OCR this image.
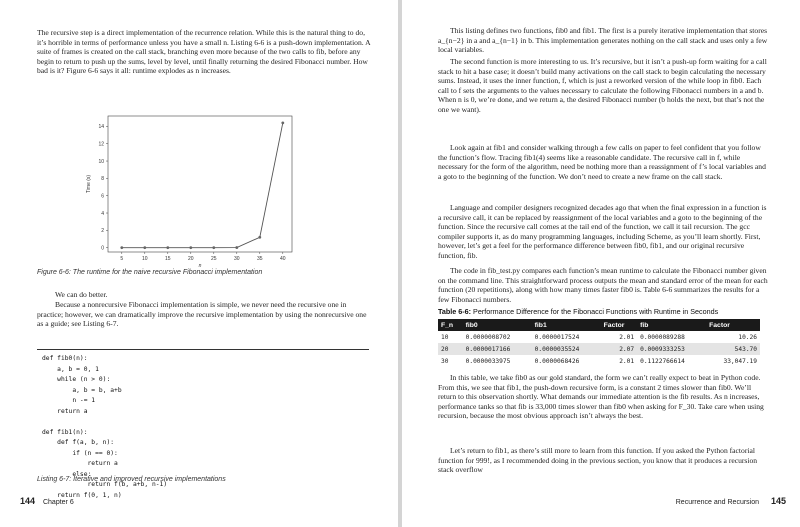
The recursive step is a direct implementation of the recurrence relation. While this is the natural thing to do, it’s horrible in terms of performance unless you have a small n. Listing 6-6 is a push-down implementation. A suite of frames is created on the call stack, branching even more because of the two calls to fib, before any begin to return to push up the sums, level by level, until finally returning the desired Fibonacci number. How bad is it? Figure 6-6 says it all: runtime explodes as n increases.

5	10	15	20	25	30	35	40
0
2
4
6
8
10
12
14
n
Time (s)
Figure 6-6: The runtime for the naive recursive Fibonacci implementation

We can do better.

Because a nonrecursive Fibonacci implementation is simple, we never need the recursive one in practice; however, we can dramatically improve the recursive implementation by using the nonrecursive one as a guide; see Listing 6-7.

def fib0(n):
a, b = 0, 1
while (n > 0):
a, b = b, a+b
n -= 1
return a

def fib1(n):
def f(a, b, n):
if (n == 0):
return a
else:
return f(b, a+b, n-1)
return f(0, 1, n)
Listing 6-7: Iterative and improved recursive implementations
144 Chapter 6

This listing defines two functions, fib0 and fib1. The first is a purely iterative implementation that stores a_{n−2} in a and a_{n−1} in b. This implementation generates nothing on the call stack and uses only a few local variables.

The second function is more interesting to us. It’s recursive, but it isn’t a push-up form waiting for a call stack to hit a base case; it doesn’t build many activations on the call stack to begin calculating the necessary sums. Instead, it uses the inner function, f, which is just a reworked version of the while loop in fib0. Each call to f sets the arguments to the values necessary to calculate the following Fibonacci numbers in a and b. When n is 0, we’re done, and we return a, the desired Fibonacci number (b holds the next, but that’s not the one we want).

Look again at fib1 and consider walking through a few calls on paper to feel confident that you follow the function’s flow. Tracing fib1(4) seems like a reasonable candidate. The recursive call in f, while necessary for the form of the algorithm, need be nothing more than a reassignment of f’s local variables and a goto to the beginning of the function. We don’t need to create a new frame on the call stack.

Language and compiler designers recognized decades ago that when the final expression in a function is a recursive call, it can be replaced by reassignment of the local variables and a goto to the beginning of the function. Since the recursive call comes at the tail end of the function, we call it tail recursion. The gcc compiler supports it, as do many programming languages, including Scheme, as you’ll learn shortly. First, however, let’s get a feel for the performance difference between fib0, fib1, and our original recursive function, fib.

The code in fib_test.py compares each function’s mean runtime to calculate the Fibonacci number given on the command line. This straightforward process outputs the mean and standard error of the mean for each function (20 repetitions), along with how many times faster fib0 is. Table 6-6 summarizes the results for a few Fibonacci numbers.

Table 6-6: Performance Difference for the Fibonacci Functions with Runtime in Seconds
F_n	fib0	fib1	Factor	fib	Factor
10	0.0000008702	0.0000017524	2.01	0.0000089288	10.26
20	0.0000017166	0.0000035524	2.07	0.0009333253	543.70
30	0.0000033975	0.0000068426	2.01	0.1122766614	33,047.19

In this table, we take fib0 as our gold standard, the form we can’t really expect to beat in Python code. From this, we see that fib1, the push-down recursive form, is a constant 2 times slower than fib0. We’ll return to this observation shortly. What demands our immediate attention is the fib results. As n increases, performance tanks so that fib is 33,000 times slower than fib0 when asking for F_30. Take care when using recursion, because the most obvious approach isn’t always the best.

Let’s return to fib1, as there’s still more to learn from this function. If you asked the Python factorial function for 999!, as I recommended doing in the previous section, you know that it produces a recursion stack overflow

Recurrence and Recursion 145
